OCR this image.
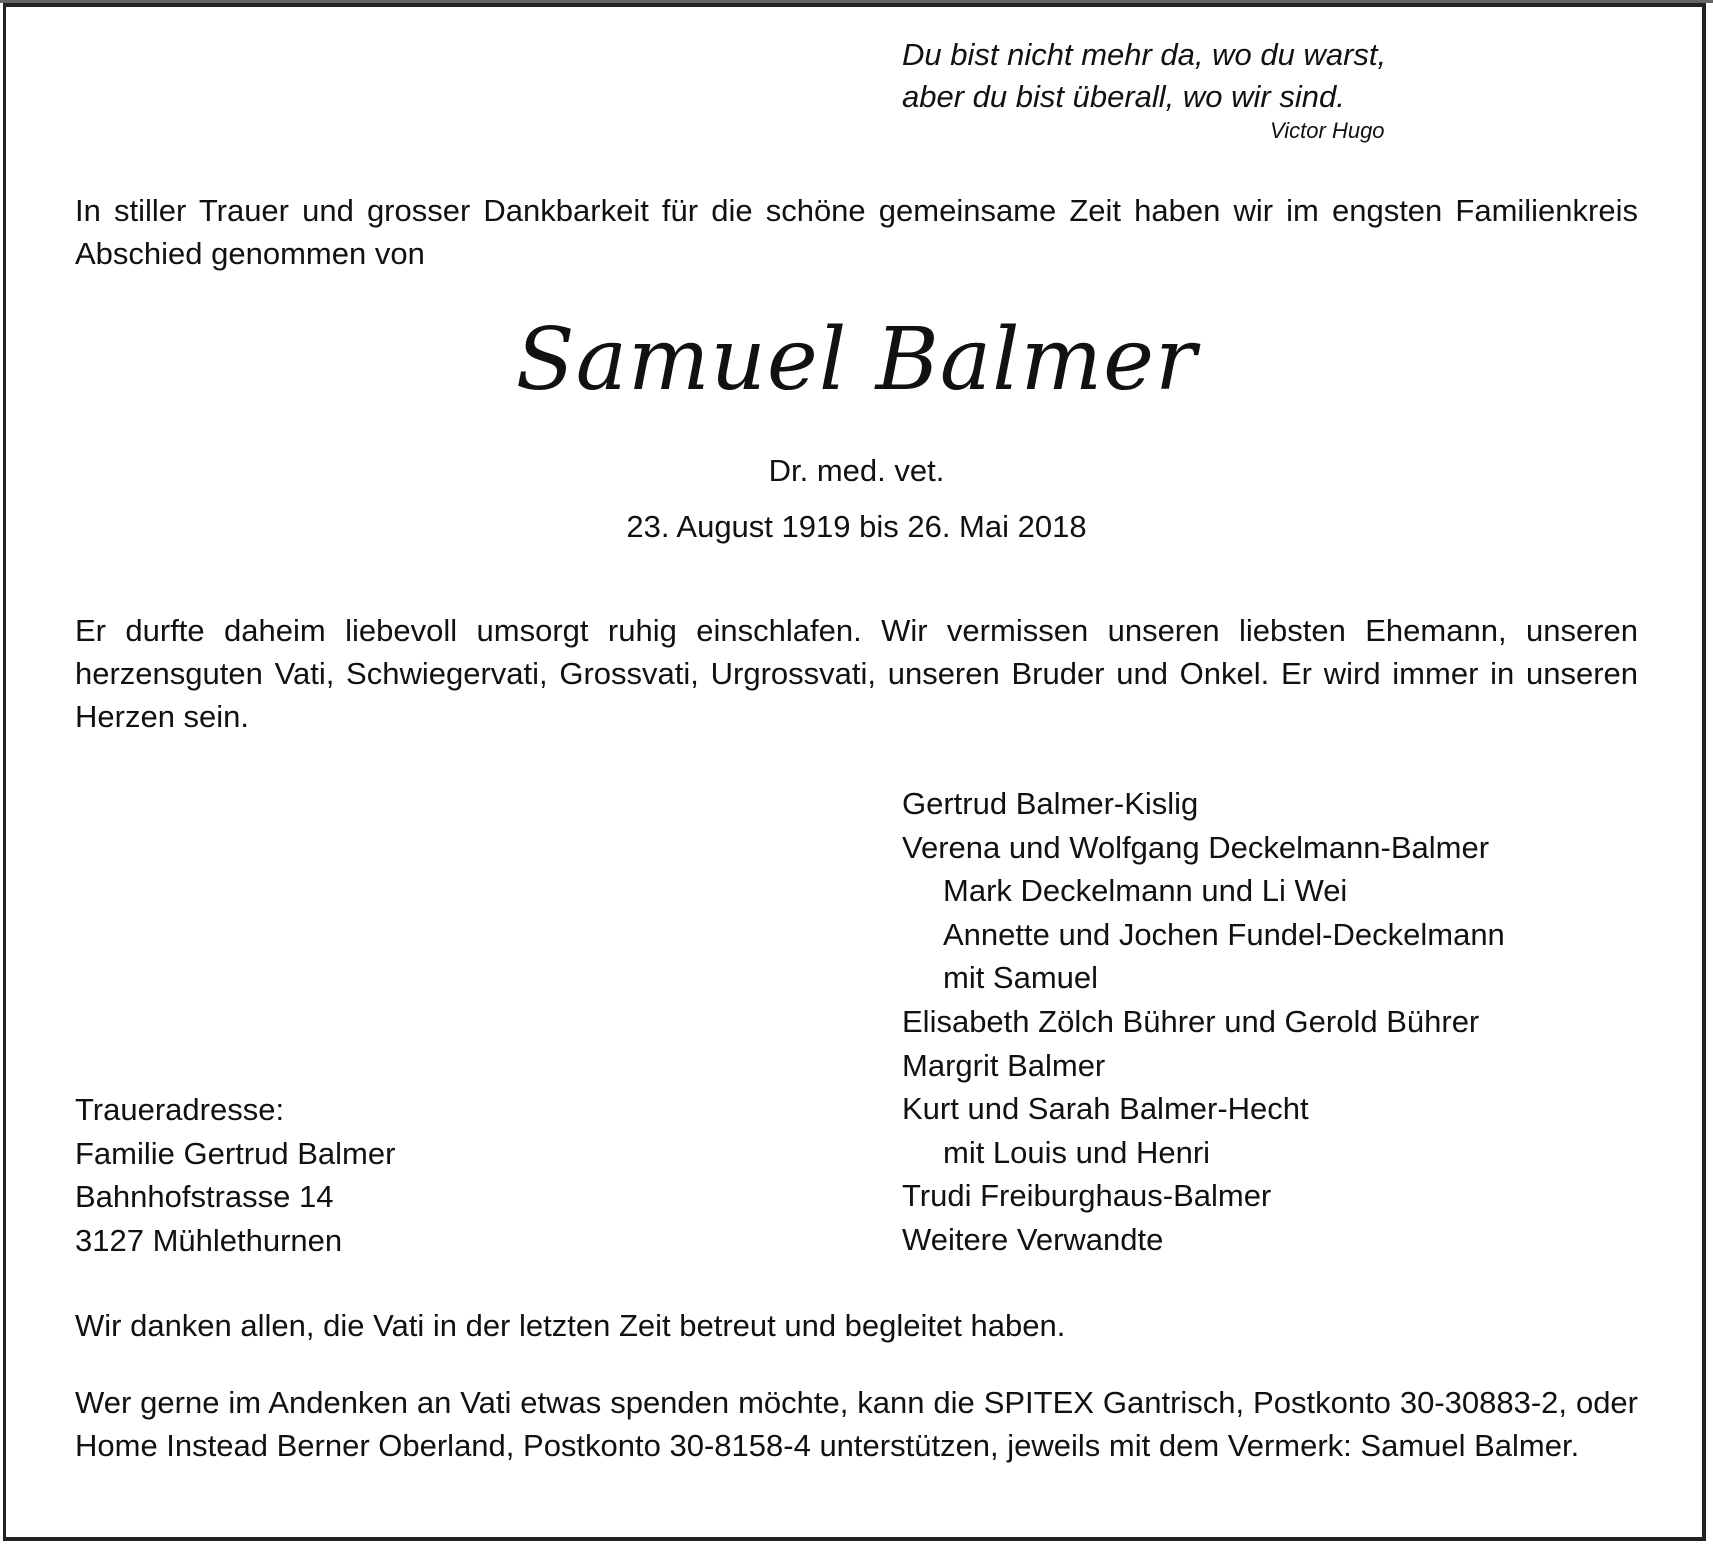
Du bist nicht mehr da, wo du warst,
aber du bist überall, wo wir sind.
Victor Hugo
In stiller Trauer und grosser Dankbarkeit für die schöne gemeinsame Zeit haben wir im engsten Familienkreis Abschied genommen von
Samuel Balmer
Dr. med. vet.
23. August 1919 bis 26. Mai 2018
Er durfte daheim liebevoll umsorgt ruhig einschlafen. Wir vermissen unseren liebsten Ehemann, unseren herzensguten Vati, Schwiegervati, Grossvati, Urgrossvati, unseren Bruder und Onkel. Er wird immer in unseren Herzen sein.
Gertrud Balmer-Kislig
Verena und Wolfgang Deckelmann-Balmer
Mark Deckelmann und Li Wei
Annette und Jochen Fundel-Deckelmann
mit Samuel
Elisabeth Zölch Bührer und Gerold Bührer
Margrit Balmer
Kurt und Sarah Balmer-Hecht
mit Louis und Henri
Trudi Freiburghaus-Balmer
Weitere Verwandte
Traueradresse:
Familie Gertrud Balmer
Bahnhofstrasse 14
3127 Mühlethurnen
Wir danken allen, die Vati in der letzten Zeit betreut und begleitet haben.
Wer gerne im Andenken an Vati etwas spenden möchte, kann die SPITEX Gantrisch, Postkonto 30-30883-2, oder Home Instead Berner Oberland, Postkonto 30-8158-4 unterstützen, jeweils mit dem Vermerk: Samuel Balmer.
